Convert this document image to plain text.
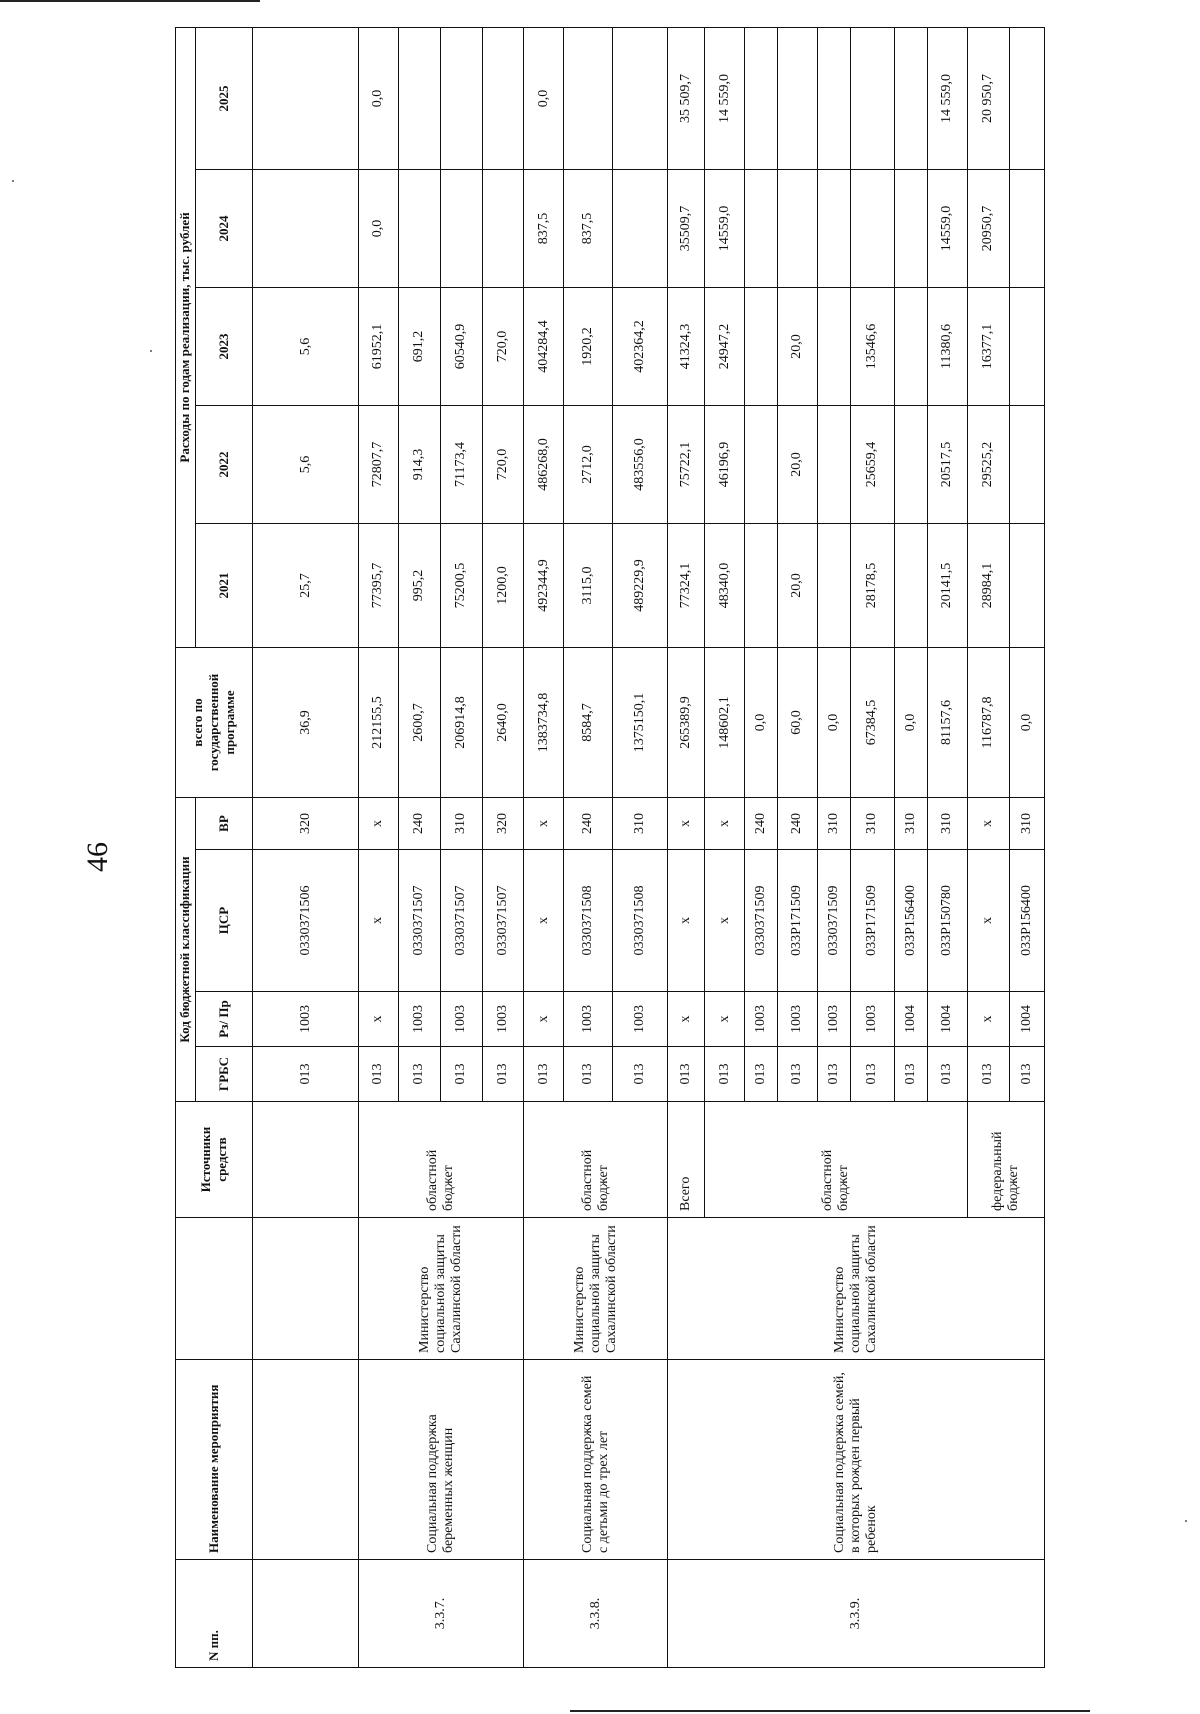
46
N пп.	Наименование мероприятия		Источники средств	Код бюджетной классификации				всего по государственной программе	Расходы по годам реализации, тыс. рублей				
				ГРБС	Рз/ Пр	ЦСР	ВР		2021	2022	2023	2024	2025
				013	1003	0330371506	320	36,9	25,7	5,6	5,6		
3.3.7.	Социальная поддержка беременных женщин	Министерство социальной защиты Сахалинской области	областной бюджет	013	x	x	x	212155,5	77395,7	72807,7	61952,1	0,0	0,0
				013	1003	0330371507	240	2600,7	995,2	914,3	691,2		
				013	1003	0330371507	310	206914,8	75200,5	71173,4	60540,9		
				013	1003	0330371507	320	2640,0	1200,0	720,0	720,0		
3.3.8.	Социальная поддержка семей с детьми до трех лет	Министерство социальной защиты Сахалинской области	областной бюджет	013	x	x	x	1383734,8	492344,9	486268,0	404284,4	837,5	0,0
				013	1003	0330371508	240	8584,7	3115,0	2712,0	1920,2	837,5	
				013	1003	0330371508	310	1375150,1	489229,9	483556,0	402364,2		
3.3.9.	Социальная поддержка семей, в которых рожден первый ребенок	Министерство социальной защиты Сахалинской области	Всего	013	x	x	x	265389,9	77324,1	75722,1	41324,3	35509,7	35 509,7
			областной бюджет	013	x	x	x	148602,1	48340,0	46196,9	24947,2	14559,0	14 559,0
				013	1003	0330371509	240	0,0					
				013	1003	033P171509	240	60,0	20,0	20,0	20,0		
				013	1003	0330371509	310	0,0					
				013	1003	033P171509	310	67384,5	28178,5	25659,4	13546,6		
				013	1004	033P156400	310	0,0					
				013	1004	033P150780	310	81157,6	20141,5	20517,5	11380,6	14559,0	14 559,0
			федеральный бюджет	013	x	x	x	116787,8	28984,1	29525,2	16377,1	20950,7	20 950,7
				013	1004	033P156400	310	0,0					
